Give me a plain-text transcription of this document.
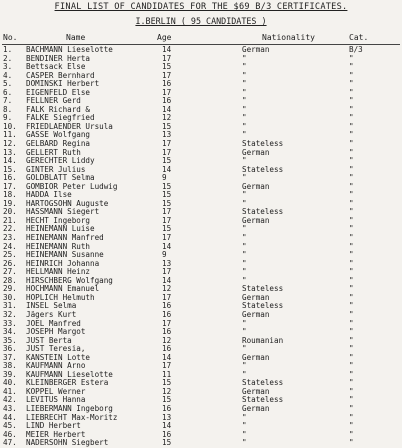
FINAL LIST OF CANDIDATES FOR THE $69 B/3 CERTIFICATES.
I.BERLIN ( 95 CANDIDATES )
No.	Name	Age	Nationality	Cat.
1. BACHMANN Lieselotte	14	German	B/3
2. BENDINER Herta	17	"	"
3. Bettsack Else	15	"	"
4. CASPER Bernhard	17	"	"
5. DOMINSKI Herbert	16	"	"
6. EIGENFELD Else	17	"	"
7. FELLNER Gerd	16	"	"
8. FALK Richard &	14	"	"
9. FALKE Siegfried	12	"	"
10. FRIEDLAENDER Ursula	15	"	"
11. GASSE Wolfgang	13	"	"
12. GELBARD Regina	17	Stateless	"
13. GELLERT Ruth	17	German	"
14. GERECHTER Liddy	15	"	"
15. GINTER Julius	14	Stateless	"
16. GOLDBLATT Selma	9	"	"
17. GOMBIOR Peter Ludwig	15	German	"
18. HADDA Ilse	15	"	"
19. HARTOGSOHN Auguste	15	"	"
20. HASSMANN Siegert	17	Stateless	"
21. HECHT Ingeborg	17	German	"
22. HEINEMANN Luise	15	"	"
23. HEINEMANN Manfred	17	"	"
24. HEINEMANN Ruth	14	"	"
25. HEINEMANN Susanne	9	"	"
26. HEINRICH Johanna	13	"	"
27. HELLMANN Heinz	17	"	"
28. HIRSCHBERG Wolfgang	14	"	"
29. HOCHMANN Emanuel	12	Stateless	"
30. HOPLICH Helmuth	17	German	"
31. INSEL Selma	16	Stateless	"
32. Jägers Kurt	16	German	"
33. JOEL Manfred	17	"	"
34. JOSEPH Margot	16	"	"
35. JUST Berta	12	Roumanian	"
36. JUST Teresia,	16	"	"
37. KANSTEIN Lotte	14	German	"
38. KAUFMANN Arno	17	"	"
39. KAUFMANN Lieselotte	11	"	"
40. KLEINBERGER Estera	15	Stateless	"
41. KOPPEL Werner	12	German	"
42. LEVITUS Hanna	15	Stateless	"
43. LIEBERMANN Ingeborg	16	German	"
44. LIEBRECHT Max-Moritz	13	"	"
45. LIND Herbert	14	"	"
46. MEIER Herbert	16	"	"
47. NADERSOHN Siegbert	15	"	"
